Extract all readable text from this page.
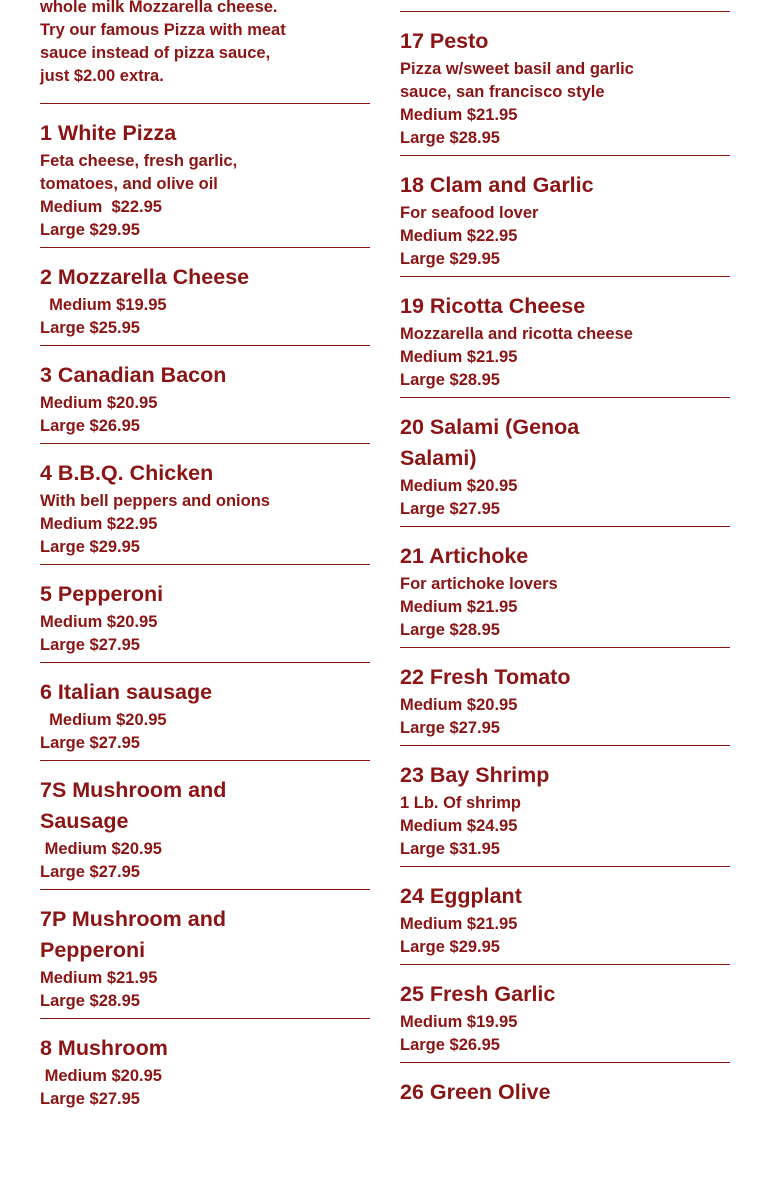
whole milk Mozzarella cheese.
Try our famous Pizza with meat
sauce instead of pizza sauce,
just $2.00 extra.
1 White Pizza
Feta cheese, fresh garlic,
tomatoes, and olive oil
Medium  $22.95
Large $29.95
2 Mozzarella Cheese
Medium $19.95
Large $25.95
3 Canadian Bacon
Medium $20.95
Large $26.95
4 B.B.Q. Chicken
With bell peppers and onions
Medium $22.95
Large $29.95
5 Pepperoni
Medium $20.95
Large $27.95
6 Italian sausage
Medium $20.95
Large $27.95
7S Mushroom and
Sausage
Medium $20.95
Large $27.95
7P Mushroom and
Pepperoni
Medium $21.95
Large $28.95
8 Mushroom
Medium $20.95
Large $27.95
17 Pesto
Pizza w/sweet basil and garlic
sauce, san francisco style
Medium $21.95
Large $28.95
18 Clam and Garlic
For seafood lover
Medium $22.95
Large $29.95
19 Ricotta Cheese
Mozzarella and ricotta cheese
Medium $21.95
Large $28.95
20 Salami (Genoa
Salami)
Medium $20.95
Large $27.95
21 Artichoke
For artichoke lovers
Medium $21.95
Large $28.95
22 Fresh Tomato
Medium $20.95
Large $27.95
23 Bay Shrimp
1 Lb. Of shrimp
Medium $24.95
Large $31.95
24 Eggplant
Medium $21.95
Large $29.95
25 Fresh Garlic
Medium $19.95
Large $26.95
26 Green Olive
